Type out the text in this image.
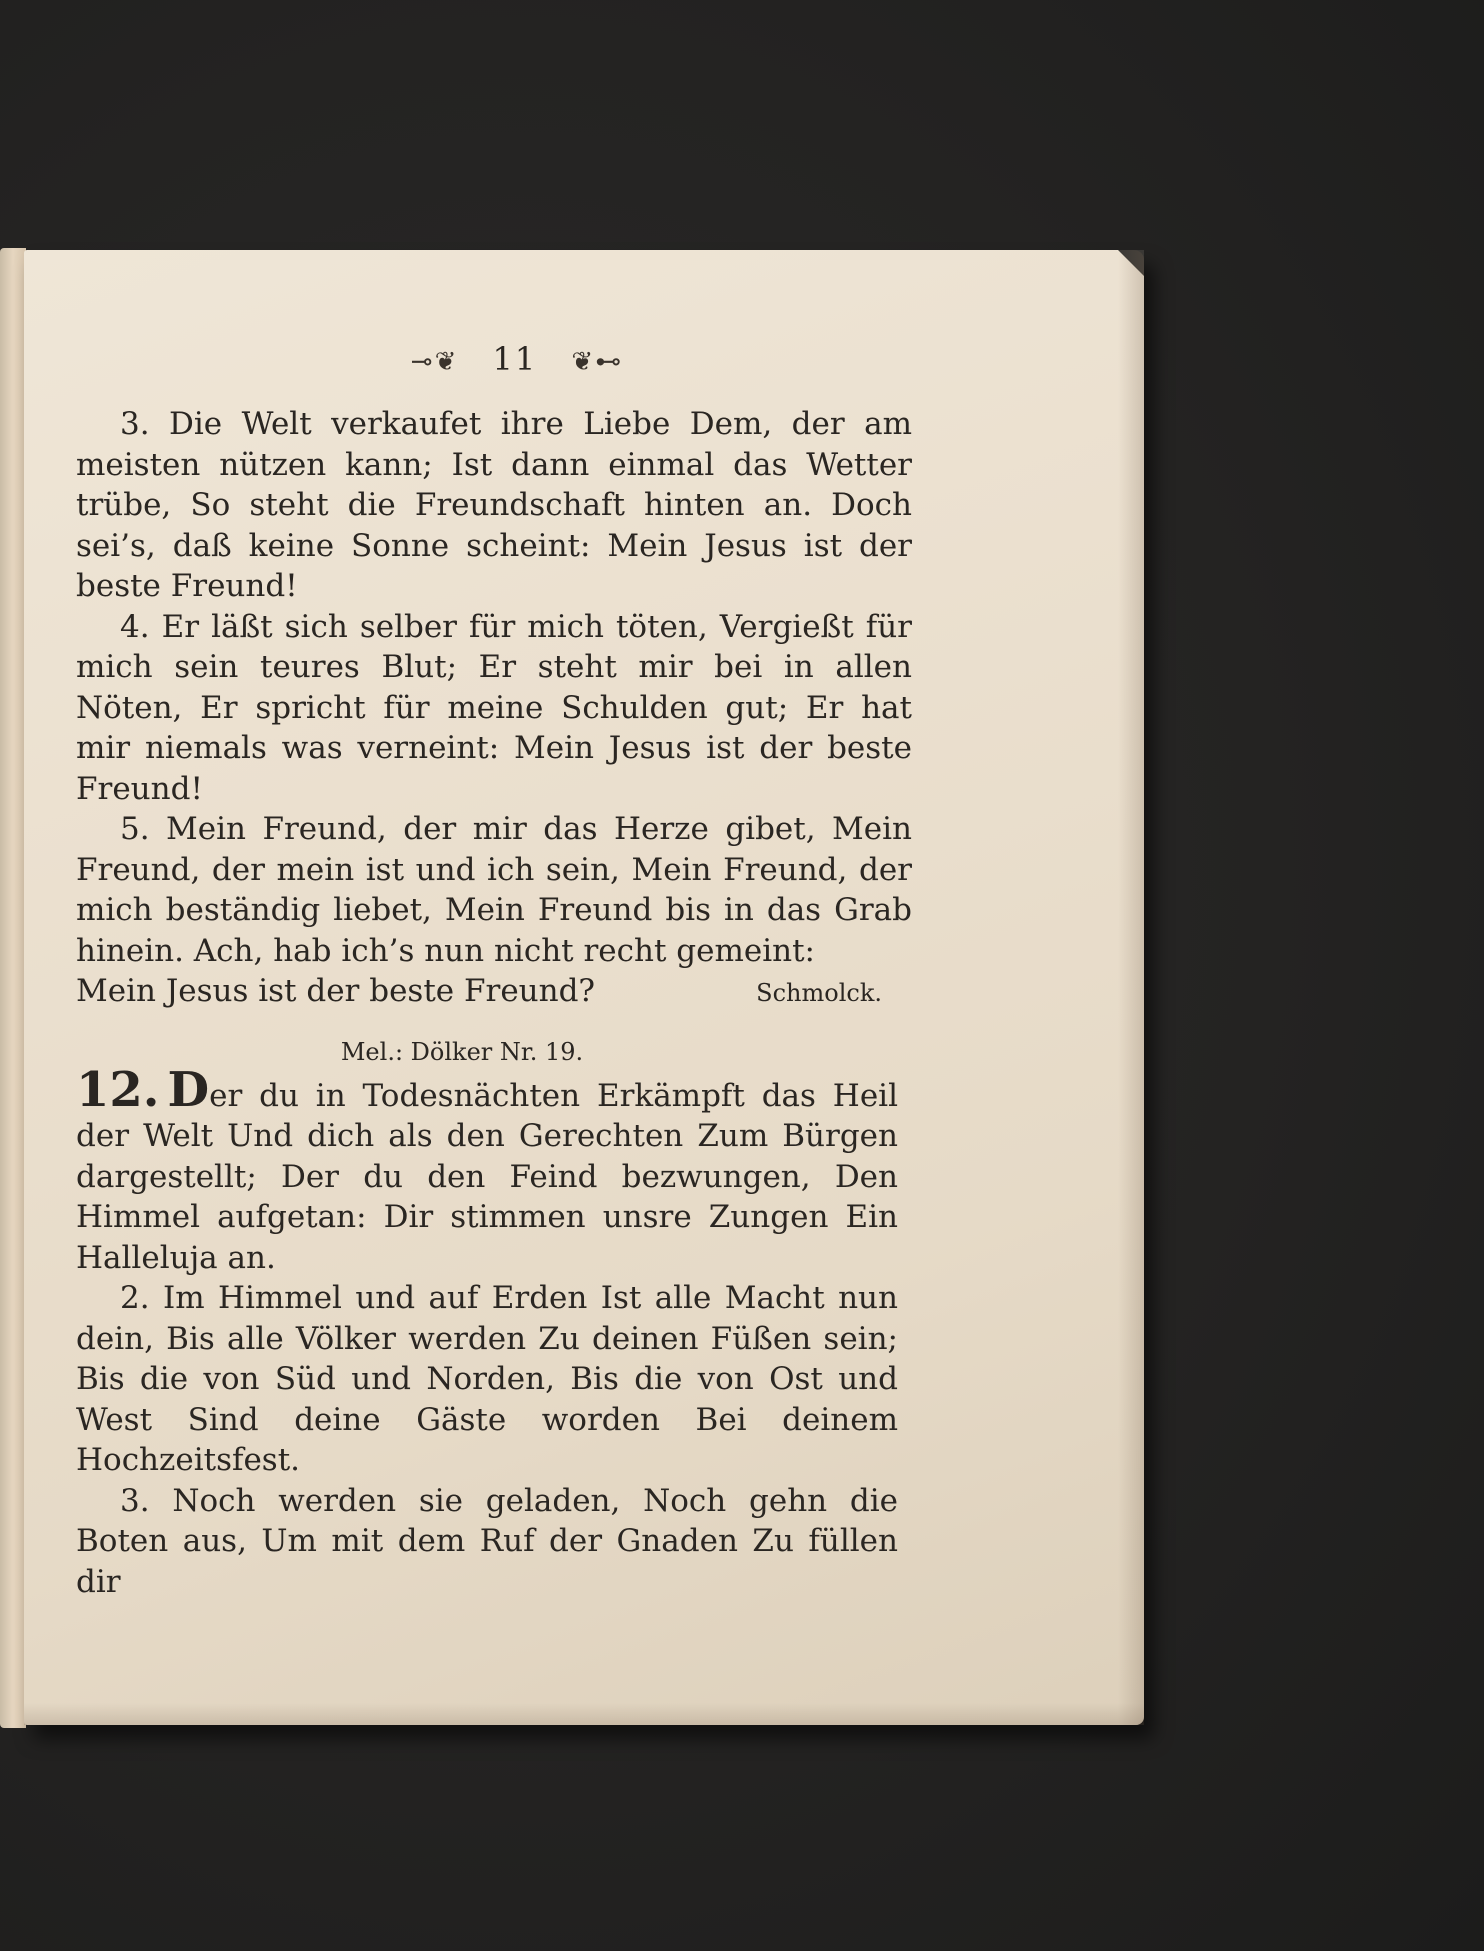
⊸❦ 11 ❦⊷

3. Die Welt verkaufet ihre Liebe Dem, der am meisten nützen kann; Ist dann einmal das Wetter trübe, So steht die Freundschaft hinten an. Doch sei’s, daß keine Sonne scheint: Mein Jesus ist der beste Freund!

4. Er läßt sich selber für mich töten, Vergießt für mich sein teures Blut; Er steht mir bei in allen Nöten, Er spricht für meine Schulden gut; Er hat mir niemals was verneint: Mein Jesus ist der beste Freund!

5. Mein Freund, der mir das Herze gibet, Mein Freund, der mein ist und ich sein, Mein Freund, der mich beständig liebet, Mein Freund bis in das Grab hinein. Ach, hab ich’s nun nicht recht gemeint:

Mein Jesus ist der beste Freund?	Schmolck.
Mel.: Dölker Nr. 19.

12. Der du in Todesnächten Erkämpft das Heil der Welt Und dich als den Gerechten Zum Bürgen dargestellt; Der du den Feind bezwungen, Den Himmel aufgetan: Dir stimmen unsre Zungen Ein Halleluja an.

2. Im Himmel und auf Erden Ist alle Macht nun dein, Bis alle Völker werden Zu deinen Füßen sein; Bis die von Süd und Norden, Bis die von Ost und West Sind deine Gäste worden Bei deinem Hochzeitsfest.

3. Noch werden sie geladen, Noch gehn die Boten aus, Um mit dem Ruf der Gnaden Zu füllen dir
